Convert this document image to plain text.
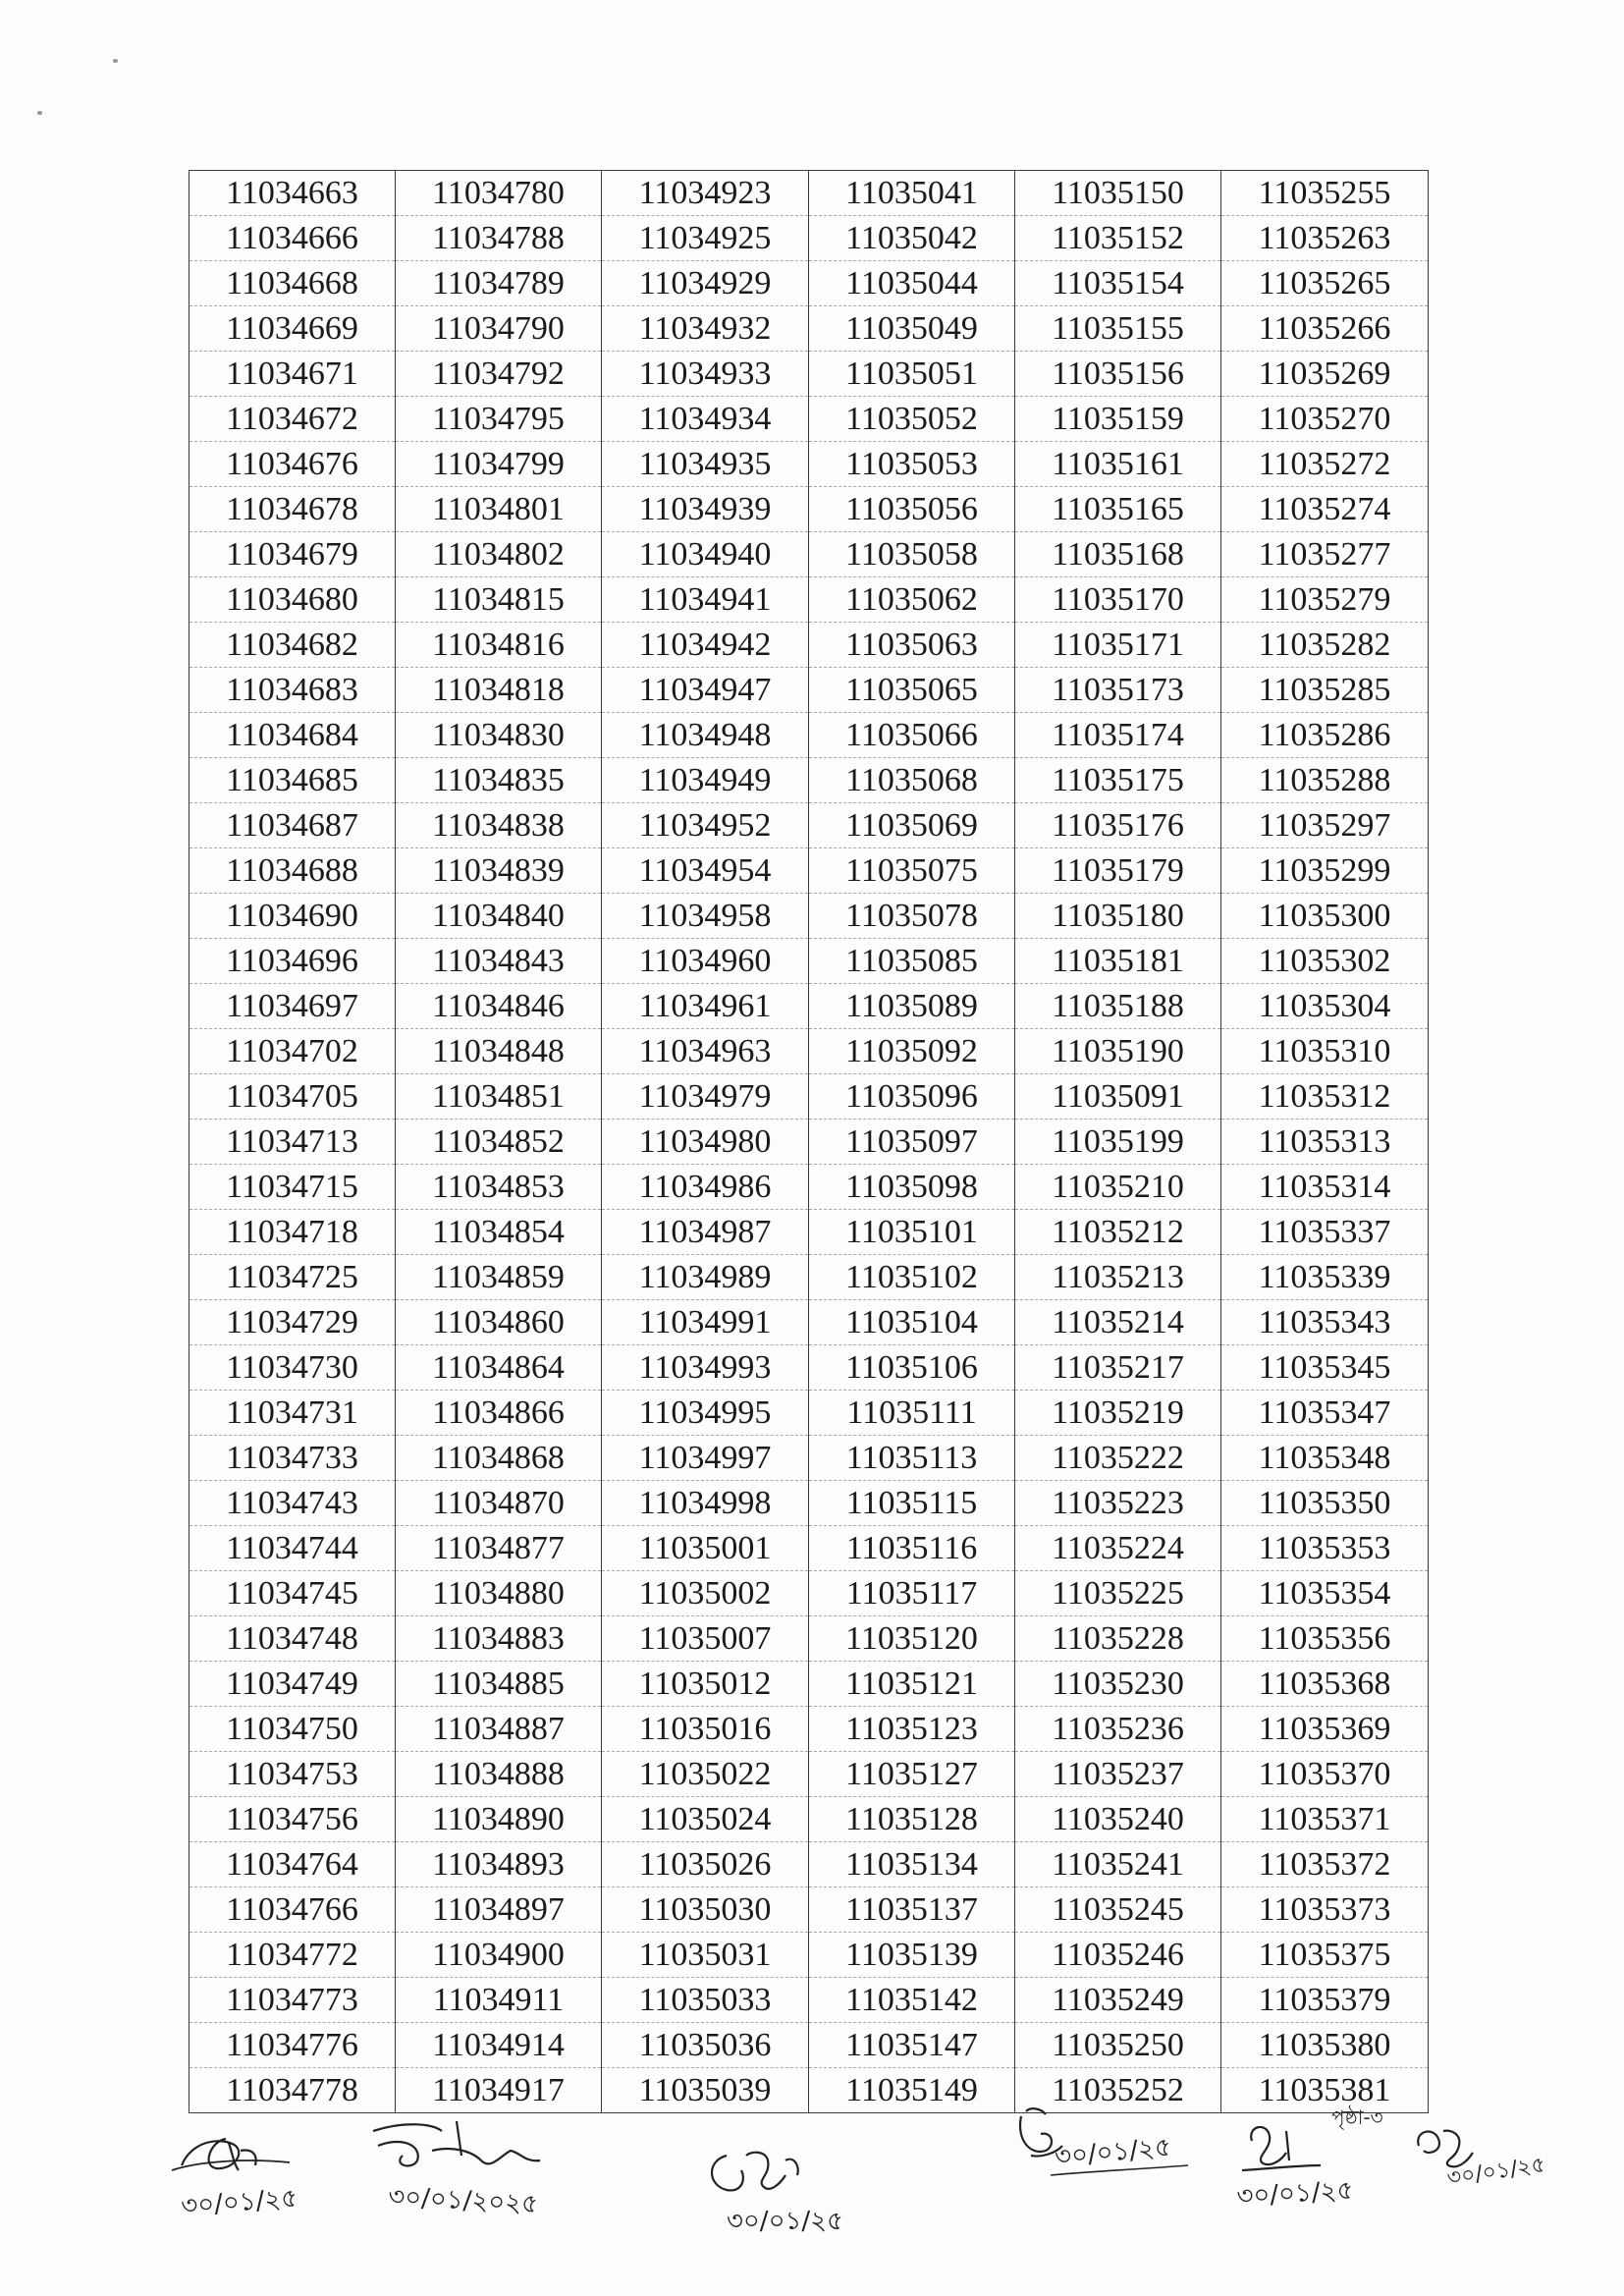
11034663	11034780	11034923	11035041	11035150	11035255
11034666	11034788	11034925	11035042	11035152	11035263
11034668	11034789	11034929	11035044	11035154	11035265
11034669	11034790	11034932	11035049	11035155	11035266
11034671	11034792	11034933	11035051	11035156	11035269
11034672	11034795	11034934	11035052	11035159	11035270
11034676	11034799	11034935	11035053	11035161	11035272
11034678	11034801	11034939	11035056	11035165	11035274
11034679	11034802	11034940	11035058	11035168	11035277
11034680	11034815	11034941	11035062	11035170	11035279
11034682	11034816	11034942	11035063	11035171	11035282
11034683	11034818	11034947	11035065	11035173	11035285
11034684	11034830	11034948	11035066	11035174	11035286
11034685	11034835	11034949	11035068	11035175	11035288
11034687	11034838	11034952	11035069	11035176	11035297
11034688	11034839	11034954	11035075	11035179	11035299
11034690	11034840	11034958	11035078	11035180	11035300
11034696	11034843	11034960	11035085	11035181	11035302
11034697	11034846	11034961	11035089	11035188	11035304
11034702	11034848	11034963	11035092	11035190	11035310
11034705	11034851	11034979	11035096	11035091	11035312
11034713	11034852	11034980	11035097	11035199	11035313
11034715	11034853	11034986	11035098	11035210	11035314
11034718	11034854	11034987	11035101	11035212	11035337
11034725	11034859	11034989	11035102	11035213	11035339
11034729	11034860	11034991	11035104	11035214	11035343
11034730	11034864	11034993	11035106	11035217	11035345
11034731	11034866	11034995	11035111	11035219	11035347
11034733	11034868	11034997	11035113	11035222	11035348
11034743	11034870	11034998	11035115	11035223	11035350
11034744	11034877	11035001	11035116	11035224	11035353
11034745	11034880	11035002	11035117	11035225	11035354
11034748	11034883	11035007	11035120	11035228	11035356
11034749	11034885	11035012	11035121	11035230	11035368
11034750	11034887	11035016	11035123	11035236	11035369
11034753	11034888	11035022	11035127	11035237	11035370
11034756	11034890	11035024	11035128	11035240	11035371
11034764	11034893	11035026	11035134	11035241	11035372
11034766	11034897	11035030	11035137	11035245	11035373
11034772	11034900	11035031	11035139	11035246	11035375
11034773	11034911	11035033	11035142	11035249	11035379
11034776	11034914	11035036	11035147	11035250	11035380
11034778	11034917	11035039	11035149	11035252	11035381
পৃষ্ঠা-৩
৩০/০১/২৫	৩০/০১/২০২৫
৩০/০১/২৫
৩০/০১/২৫
৩০/০১/২৫
৩০/০১/২৫
